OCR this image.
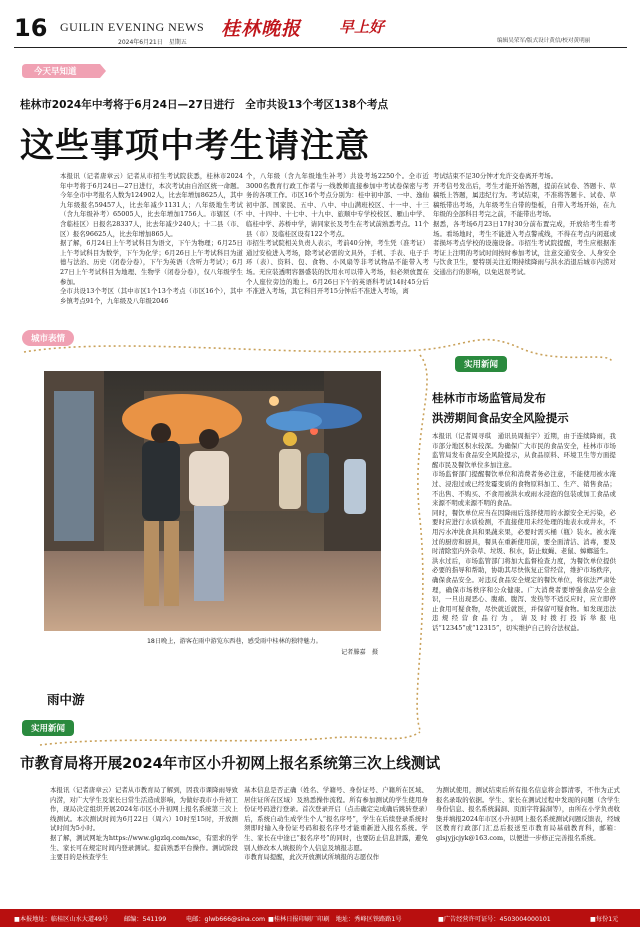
16 GUILIN EVENING NEWS
2024年6月21日　星期五
桂林晚报	早上好
编辑吴荣军/版式设计黄信/校对黄明丽
今天早知道
桂林市2024年中考将于6月24日—27日进行　全市共设13个考区138个考点
这些事项中考生请注意
本报讯（记者唐章云）记者从市招生考试院获悉，桂林市2024年中考将于6月24日—27日进行，本次考试由自治区统一命题。今年全市中考报名人数为124902人，比去年增加8625人，其中九年级报名59457人，比去年减少1131人；八年级地生考试（含九年级补考）65005人，比去年增加1756人。市辖区（不含临桂区）日报名28337人，比去年减少240人；十二县（市、区）报名96625人，比去年增加865人。
据了解，6月24日上午考试科目为语文，下午为物理；6月25日上午考试科目为数学，下午为化学；6月26日上午考试科目为道德与法治、历史（闭卷分卷），下午为英语（含听力考试）；6月27日上午考试科目为地理、生物学（闭卷分卷），仅八年级学生参加。
全市共设13个考区（其中市区1个13个考点（市区16个），其中乡镇考点91个，九年级及八年级2046
个，八年级（含九年级地生补考）共设考场2250个。全市近3000名教育行政工作者与一线教师直接参加中考试卷保密与考务的各项工作。市区16个考点分别为：桂中初中部、一中、逸仙初中部、国家民、五中、八中、中山满班校区、十一中、十三中、十四中、十七中、十九中、旅顺中专学校校区、雁山中学、临桂中学、苏桥中学，请同家长及考生在考试前熟悉考点。11个县（市）及临桂区设有122个考点。
市招生考试院相关负责人表示，考前40分钟，考生凭（准考证）通过安检进入考场，除考试必需的文具外，手机、手表、电子手环（表）、资料、包、食物、小风扇等非考试物品不能带入考场。无应装透明容器盛装的饮用水可以带入考场，但必须放置在个人座位旁边的地上。6月26日下午的英语科考试14时45分后不准进入考场，其它科目开考15分钟后不准进入考场，离
考试结束不足30分钟才允许交卷离开考场。
开考信号发出后，考生才能开始答题，提前在试卷、答题卡、草稿纸上答题，属违纪行为。考试结束，不准将答题卡、试卷、草稿纸带出考场，九年级考生自带的垫板，自带入考场开始，在九年级的全部科目考完之前，不能带出考场。
据悉，各考场6月23日17时30分前布置完成，开放给考生看考场。看场地时，考生不能进入考点警戒线，不得在考点内闲逛或者损坏考点学校的设施设备。市招生考试院提醒，考生应根据准考证上注明的考试时间按时参加考试，注意交通安全、人身安全与饮食卫生，要特别关注近期持续降雨与洪水消退后城市内涝对交通出行的影响，以免迟误考试。
城市表情
雨中游
18日晚上，游客在雨中游览东西巷，感受雨中桂林的独特魅力。
记者滕嘉　摄
实用新闻
桂林市市场监管局发布
洪涝期间食品安全风险提示
本报讯（记者周寻琪　通讯员周振宇）近期，由于连续降雨，我市部分地区积水较深。为确保广大市民的食品安全，桂林市市场监管局发布食品安全风险提示，从食品原料、环境卫生等方面提醒市民及餐饮单位多加注意。
市场监督部门提醒餐饮单位和消费者务必注意，不能使用被水淹过、浸泡过或已经发霉变质的食物原料加工、生产、销售食品；不出售、不购买、不食用被洪水或雨水浸泡的包装或加工食品或来源不明或来源不明的食品。
同时，餐饮单位应当在因降雨后选择使用的水源安全无污染，必要时应进行水质检测，不直接使用未经处理的地表水或井水，不用污水冲洗食具和果蔬来果，必要时需买桶（瓶）装水。被水淹过的厨房和厨具，餐具在重新使用前，要全面清洁、消毒，要及时清除室内外杂草、垃圾、积水，防止蚊蝇、老鼠、蟑螂滋生。
洪水过后，市场监管部门将加大监督检查力度，为餐饮单位提供必要的指导和帮助，协助其尽快恢复正常经营，维护市场秩序，确保食品安全。对违反食品安全规定的餐饮单位，将依法严肃处理，确保市场秩序和公众健康。广大消费者要增强食品安全意识，一旦出现恶心、腹痛、腹泻、发热等不适反应时，应立即停止食用可疑食物，尽快就近就医，并保留可疑食物。如发现违法违规经营食品行为，请及时拨打投诉举报电话“12345”或“12315”，切实维护自己的合法权益。
实用新闻
市教育局将开展2024年市区小升初网上报名系统第三次上线测试
本报讯（记者唐章云）记者从市教育局了解到，因我市课降雨导致内涝，对广大学生及家长日常生活造成影响，为做好我市小升初工作，现局决定组织开展2024年市区小升初网上报名系统第三次上线测试。本次测试时间为6月22日（周六）10时至15时，开放测试时间为5小时。
据了解，测试网址为https://www.glgzlq.com/xsc，有需求的学生、家长可在规定时间内登录测试。提前熟悉平台操作。测试阶段主要目的是核查学生
基本信息是否正确（姓名、学籍号、身份证号、户籍所在区域、居住证所在区域）及熟悉操作流程。所有参加测试的学生使用身份证号码进行登录。首次登录开启（点击确定完成确后跳转登录）后，系统自动生成学生个人“报名序号”，学生在后续登录系统时须即时输入身份证号码和报名序号才能重新进入报名系统。学生、家长在中途已“报名序号”的同时，也要防止信息泄露，避免别人修改本人填报的个人信息及填报志愿。
市教育局提醒，此次开放测试所填报的志愿仅作
为测试使用，测试结束后所有报名信息将会都清零，不作为正式报名录取的依据。学生、家长在测试过程中发现的问题（含学生身份信息、报名系统漏洞、页面字符漏洞等），由所在小学负责收集并填报2024年市区小升初网上报名系统测试问题反馈表，经城区教育行政部门汇总后报送至市教育局基础教育科，邮箱：glsjyjjcjyk@163.com，以便进一步修正完善报名系统。
■本报地址：临桂区山水大道49号	邮编：541199	电邮：glwb666@sina.com ■桂林日报印刷厂印刷　地址：秀峰区铁路路1号	■广告经营许可证号：4503004000101	■每份1元
